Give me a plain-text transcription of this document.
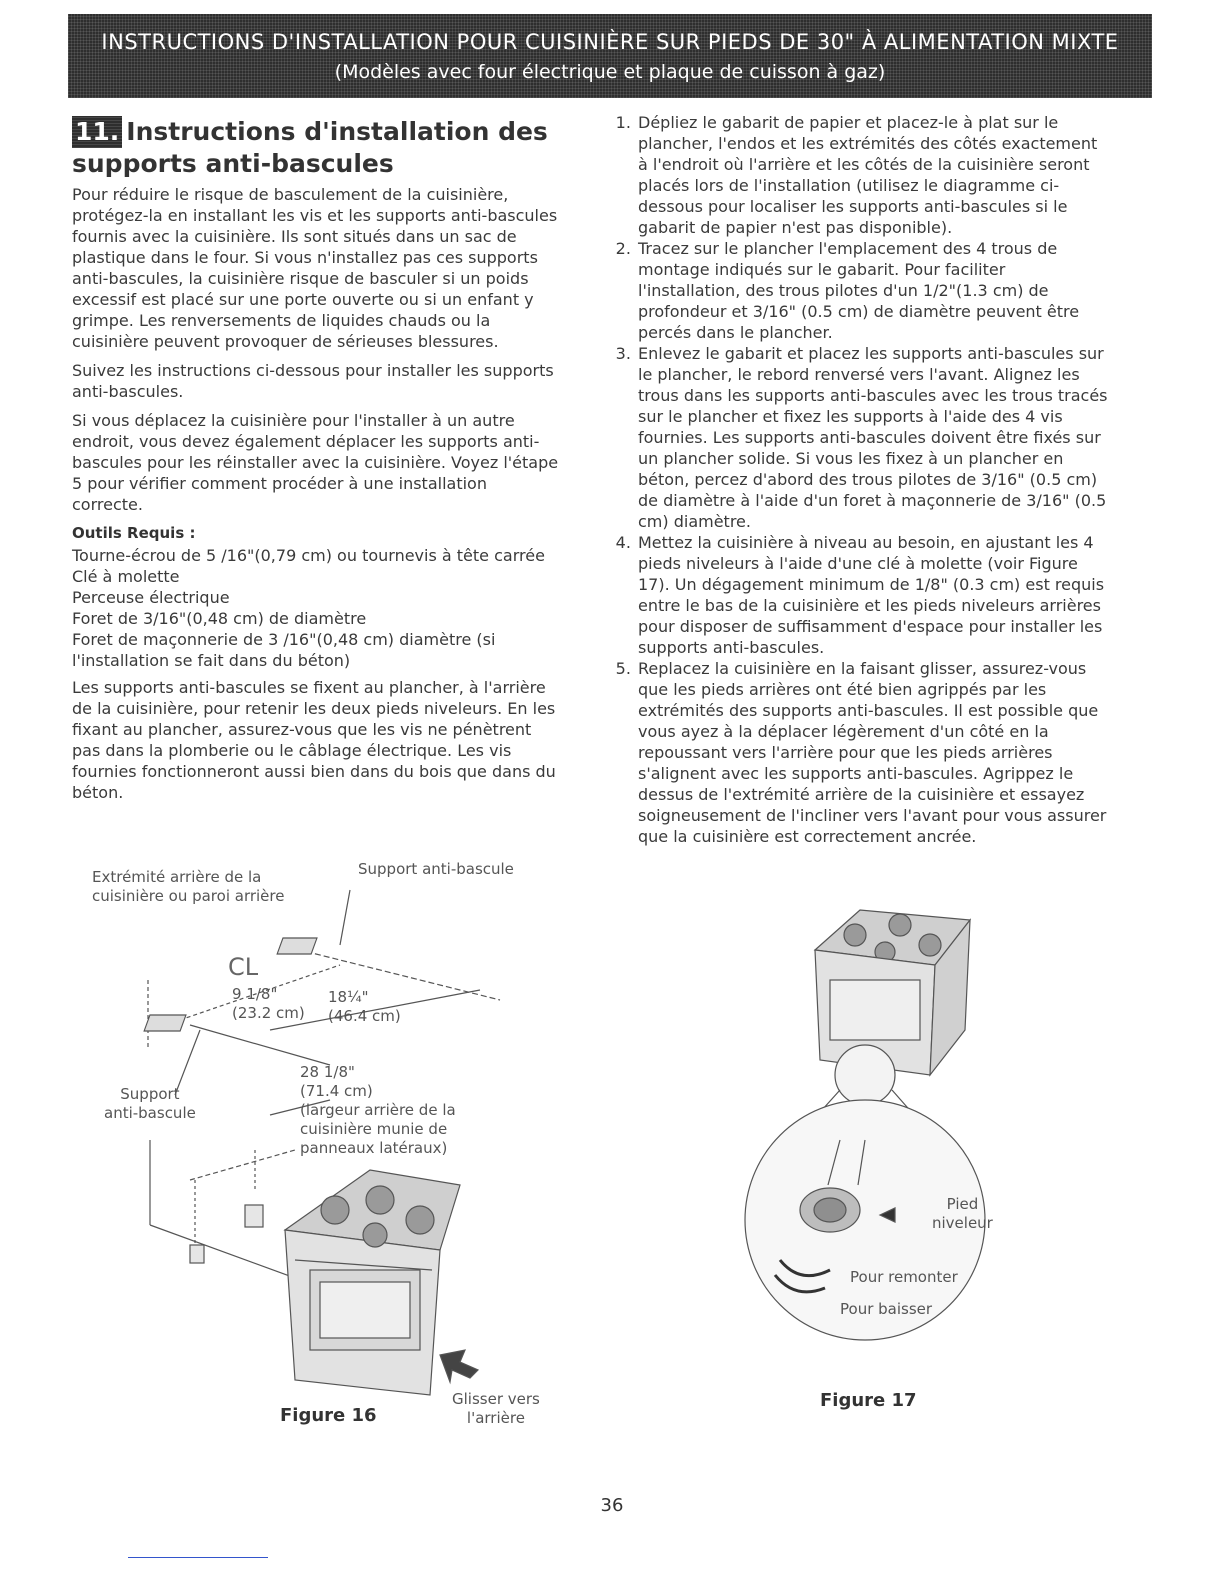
INSTRUCTIONS D'INSTALLATION POUR CUISINIÈRE SUR PIEDS DE 30" À ALIMENTATION MIXTE
(Modèles avec four électrique et plaque de cuisson à gaz)
11. Instructions d'installation des supports anti-bascules

Pour réduire le risque de basculement de la cuisinière, protégez-la en installant les vis et les supports anti-bascules fournis avec la cuisinière. Ils sont situés dans un sac de plastique dans le four. Si vous n'installez pas ces supports anti-bascules, la cuisinière risque de basculer si un poids excessif est placé sur une porte ouverte ou si un enfant y grimpe. Les renversements de liquides chauds ou la cuisinière peuvent provoquer de sérieuses blessures.

Suivez les instructions ci-dessous pour installer les supports anti-bascules.

Si vous déplacez la cuisinière pour l'installer à un autre endroit, vous devez également déplacer les supports anti-bascules pour les réinstaller avec la cuisinière. Voyez l'étape 5 pour vérifier comment procéder à une installation correcte.

Outils Requis :
Tourne-écrou de 5 /16"(0,79 cm) ou tournevis à tête carrée
Clé à molette
Perceuse électrique
Foret de 3/16"(0,48 cm) de diamètre
Foret de maçonnerie de 3 /16"(0,48 cm) diamètre (si l'installation se fait dans du béton)

Les supports anti-bascules se fixent au plancher, à l'arrière de la cuisinière, pour retenir les deux pieds niveleurs. En les fixant au plancher, assurez-vous que les vis ne pénètrent pas dans la plomberie ou le câblage électrique. Les vis fournies fonctionneront aussi bien dans du bois que dans du béton.

1. Dépliez le gabarit de papier et placez-le à plat sur le plancher, l'endos et les extrémités des côtés exactement à l'endroit où l'arrière et les côtés de la cuisinière seront placés lors de l'installation (utilisez le diagramme ci-dessous pour localiser les supports anti-bascules si le gabarit de papier n'est pas disponible).
2. Tracez sur le plancher l'emplacement des 4 trous de montage indiqués sur le gabarit. Pour faciliter l'installation, des trous pilotes d'un 1/2"(1.3 cm) de profondeur et 3/16" (0.5 cm) de diamètre peuvent être percés dans le plancher.
3. Enlevez le gabarit et placez les supports anti-bascules sur le plancher, le rebord renversé vers l'avant. Alignez les trous dans les supports anti-bascules avec les trous tracés sur le plancher et fixez les supports à l'aide des 4 vis fournies. Les supports anti-bascules doivent être fixés sur un plancher solide. Si vous les fixez à un plancher en béton, percez d'abord des trous pilotes de 3/16" (0.5 cm) de diamètre à l'aide d'un foret à maçonnerie de 3/16" (0.5 cm) diamètre.
4. Mettez la cuisinière à niveau au besoin, en ajustant les 4 pieds niveleurs à l'aide d'une clé à molette (voir Figure 17). Un dégagement minimum de 1/8" (0.3 cm) est requis entre le bas de la cuisinière et les pieds niveleurs arrières pour disposer de suffisamment d'espace pour installer les supports anti-bascules.
5. Replacez la cuisinière en la faisant glisser, assurez-vous que les pieds arrières ont été bien agrippés par les extrémités des supports anti-bascules. Il est possible que vous ayez à la déplacer légèrement d'un côté en la repoussant vers l'arrière pour que les pieds arrières s'alignent avec les supports anti-bascules. Agrippez le dessus de l'extrémité arrière de la cuisinière et essayez soigneusement de l'incliner vers l'avant pour vous assurer que la cuisinière est correctement ancrée.
Extrémité arrière de la
cuisinière ou paroi arrière
Support anti-bascule
CL
9 1/8"
(23.2 cm)
18¼"
(46.4 cm)
28 1/8"
(71.4 cm)
(largeur arrière de la
cuisinière munie de
panneaux latéraux)
Support
anti-bascule
Glisser vers
l'arrière
Figure 16
Pied
niveleur
Pour remonter
Pour baisser
Figure 17
36
